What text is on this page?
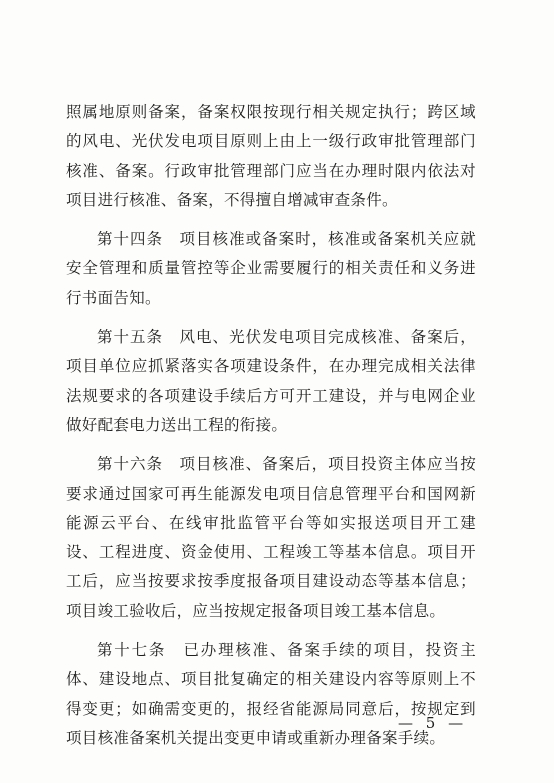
照属地原则备案，备案权限按现行相关规定执行；跨区域的风电、光伏发电项目原则上由上一级行政审批管理部门核准、备案。行政审批管理部门应当在办理时限内依法对项目进行核准、备案，不得擅自增减审查条件。

第十四条　项目核准或备案时，核准或备案机关应就安全管理和质量管控等企业需要履行的相关责任和义务进行书面告知。

第十五条　风电、光伏发电项目完成核准、备案后，项目单位应抓紧落实各项建设条件，在办理完成相关法律法规要求的各项建设手续后方可开工建设，并与电网企业做好配套电力送出工程的衔接。

第十六条　项目核准、备案后，项目投资主体应当按要求通过国家可再生能源发电项目信息管理平台和国网新能源云平台、在线审批监管平台等如实报送项目开工建设、工程进度、资金使用、工程竣工等基本信息。项目开工后，应当按要求按季度报备项目建设动态等基本信息；项目竣工验收后，应当按规定报备项目竣工基本信息。

第十七条　已办理核准、备案手续的项目，投资主体、建设地点、项目批复确定的相关建设内容等原则上不得变更；如确需变更的，报经省能源局同意后，按规定到项目核准备案机关提出变更申请或重新办理备案手续。

— 5 —
